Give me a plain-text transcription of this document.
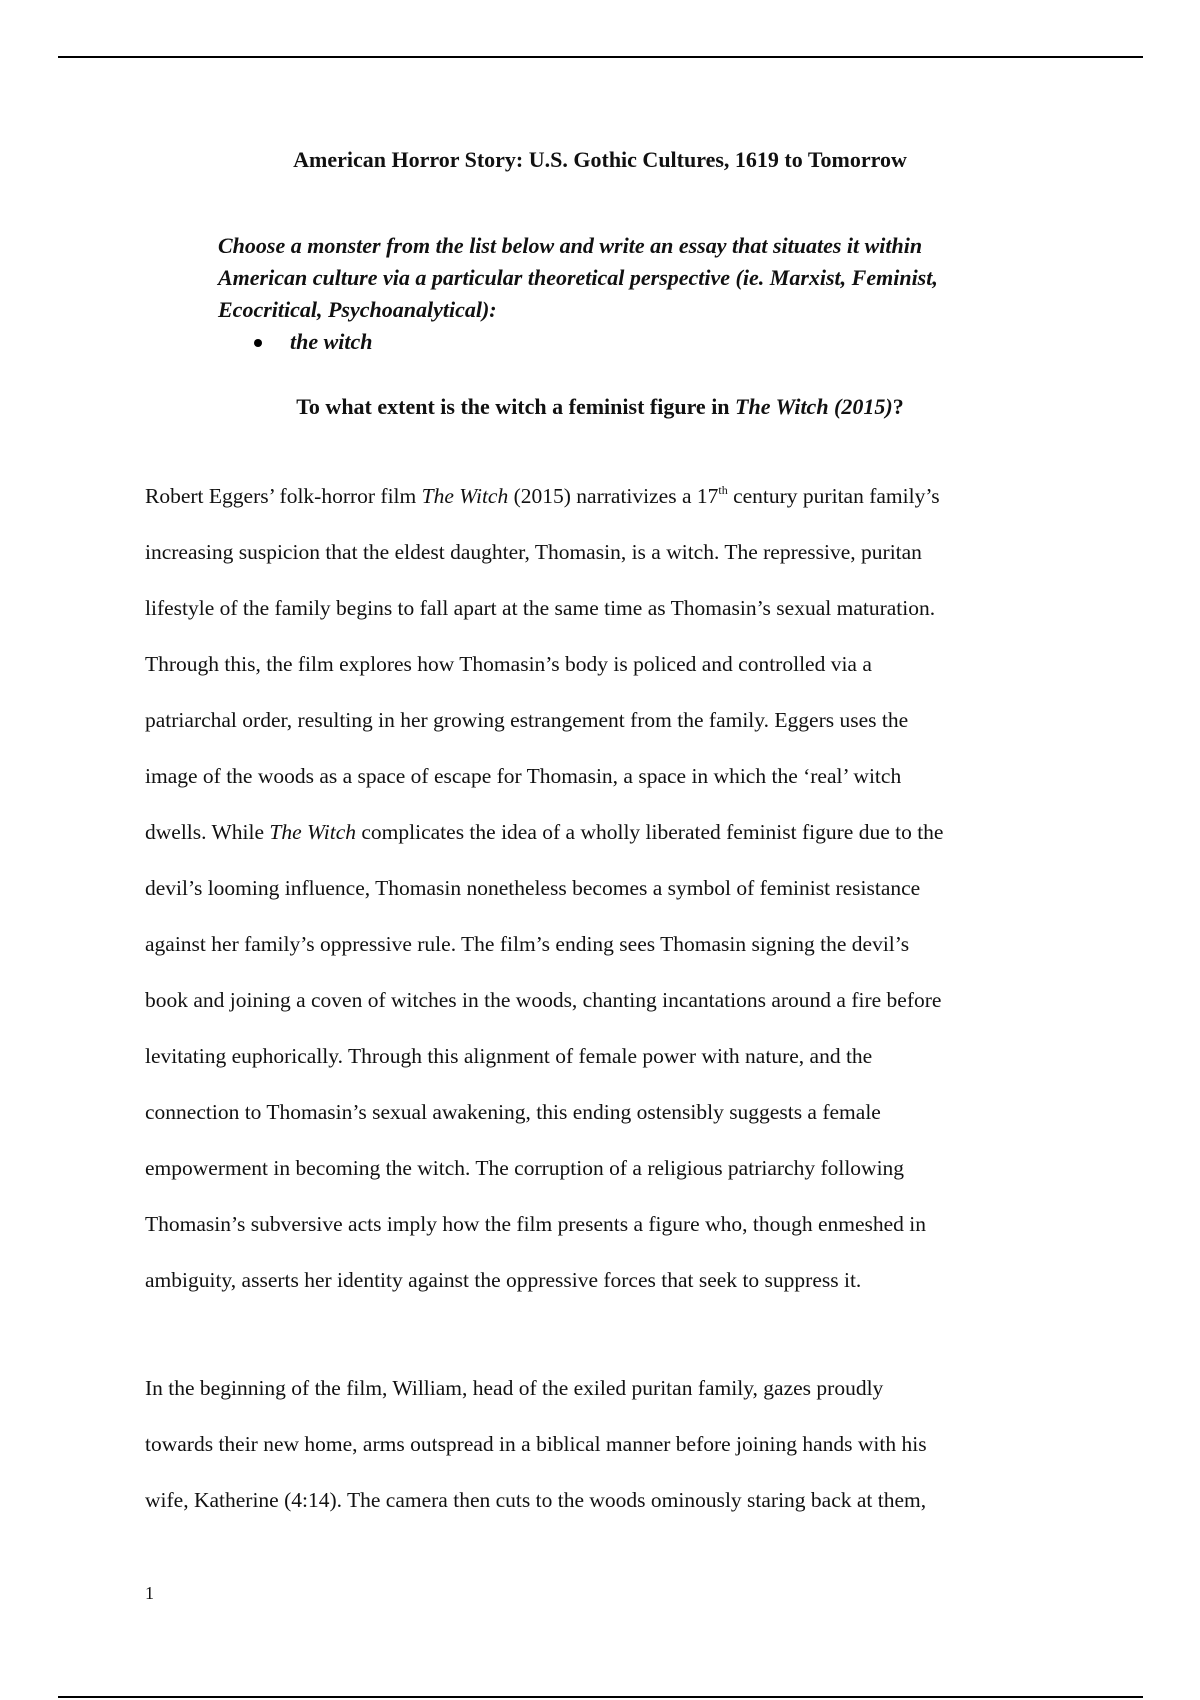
American Horror Story: U.S. Gothic Cultures, 1619 to Tomorrow

Choose a monster from the list below and write an essay that situates it within

American culture via a particular theoretical perspective (ie. Marxist, Feminist,

Ecocritical, Psychoanalytical):

the witch
To what extent is the witch a feminist figure in The Witch (2015)?
Robert Eggers’ folk-horror film The Witch (2015) narrativizes a 17th century puritan family’s
increasing suspicion that the eldest daughter, Thomasin, is a witch. The repressive, puritan
lifestyle of the family begins to fall apart at the same time as Thomasin’s sexual maturation.
Through this, the film explores how Thomasin’s body is policed and controlled via a
patriarchal order, resulting in her growing estrangement from the family. Eggers uses the
image of the woods as a space of escape for Thomasin, a space in which the ‘real’ witch
dwells. While The Witch complicates the idea of a wholly liberated feminist figure due to the
devil’s looming influence, Thomasin nonetheless becomes a symbol of feminist resistance
against her family’s oppressive rule. The film’s ending sees Thomasin signing the devil’s
book and joining a coven of witches in the woods, chanting incantations around a fire before
levitating euphorically. Through this alignment of female power with nature, and the
connection to Thomasin’s sexual awakening, this ending ostensibly suggests a female
empowerment in becoming the witch. The corruption of a religious patriarchy following
Thomasin’s subversive acts imply how the film presents a figure who, though enmeshed in
ambiguity, asserts her identity against the oppressive forces that seek to suppress it.
In the beginning of the film, William, head of the exiled puritan family, gazes proudly
towards their new home, arms outspread in a biblical manner before joining hands with his
wife, Katherine (4:14). The camera then cuts to the woods ominously staring back at them,
1
